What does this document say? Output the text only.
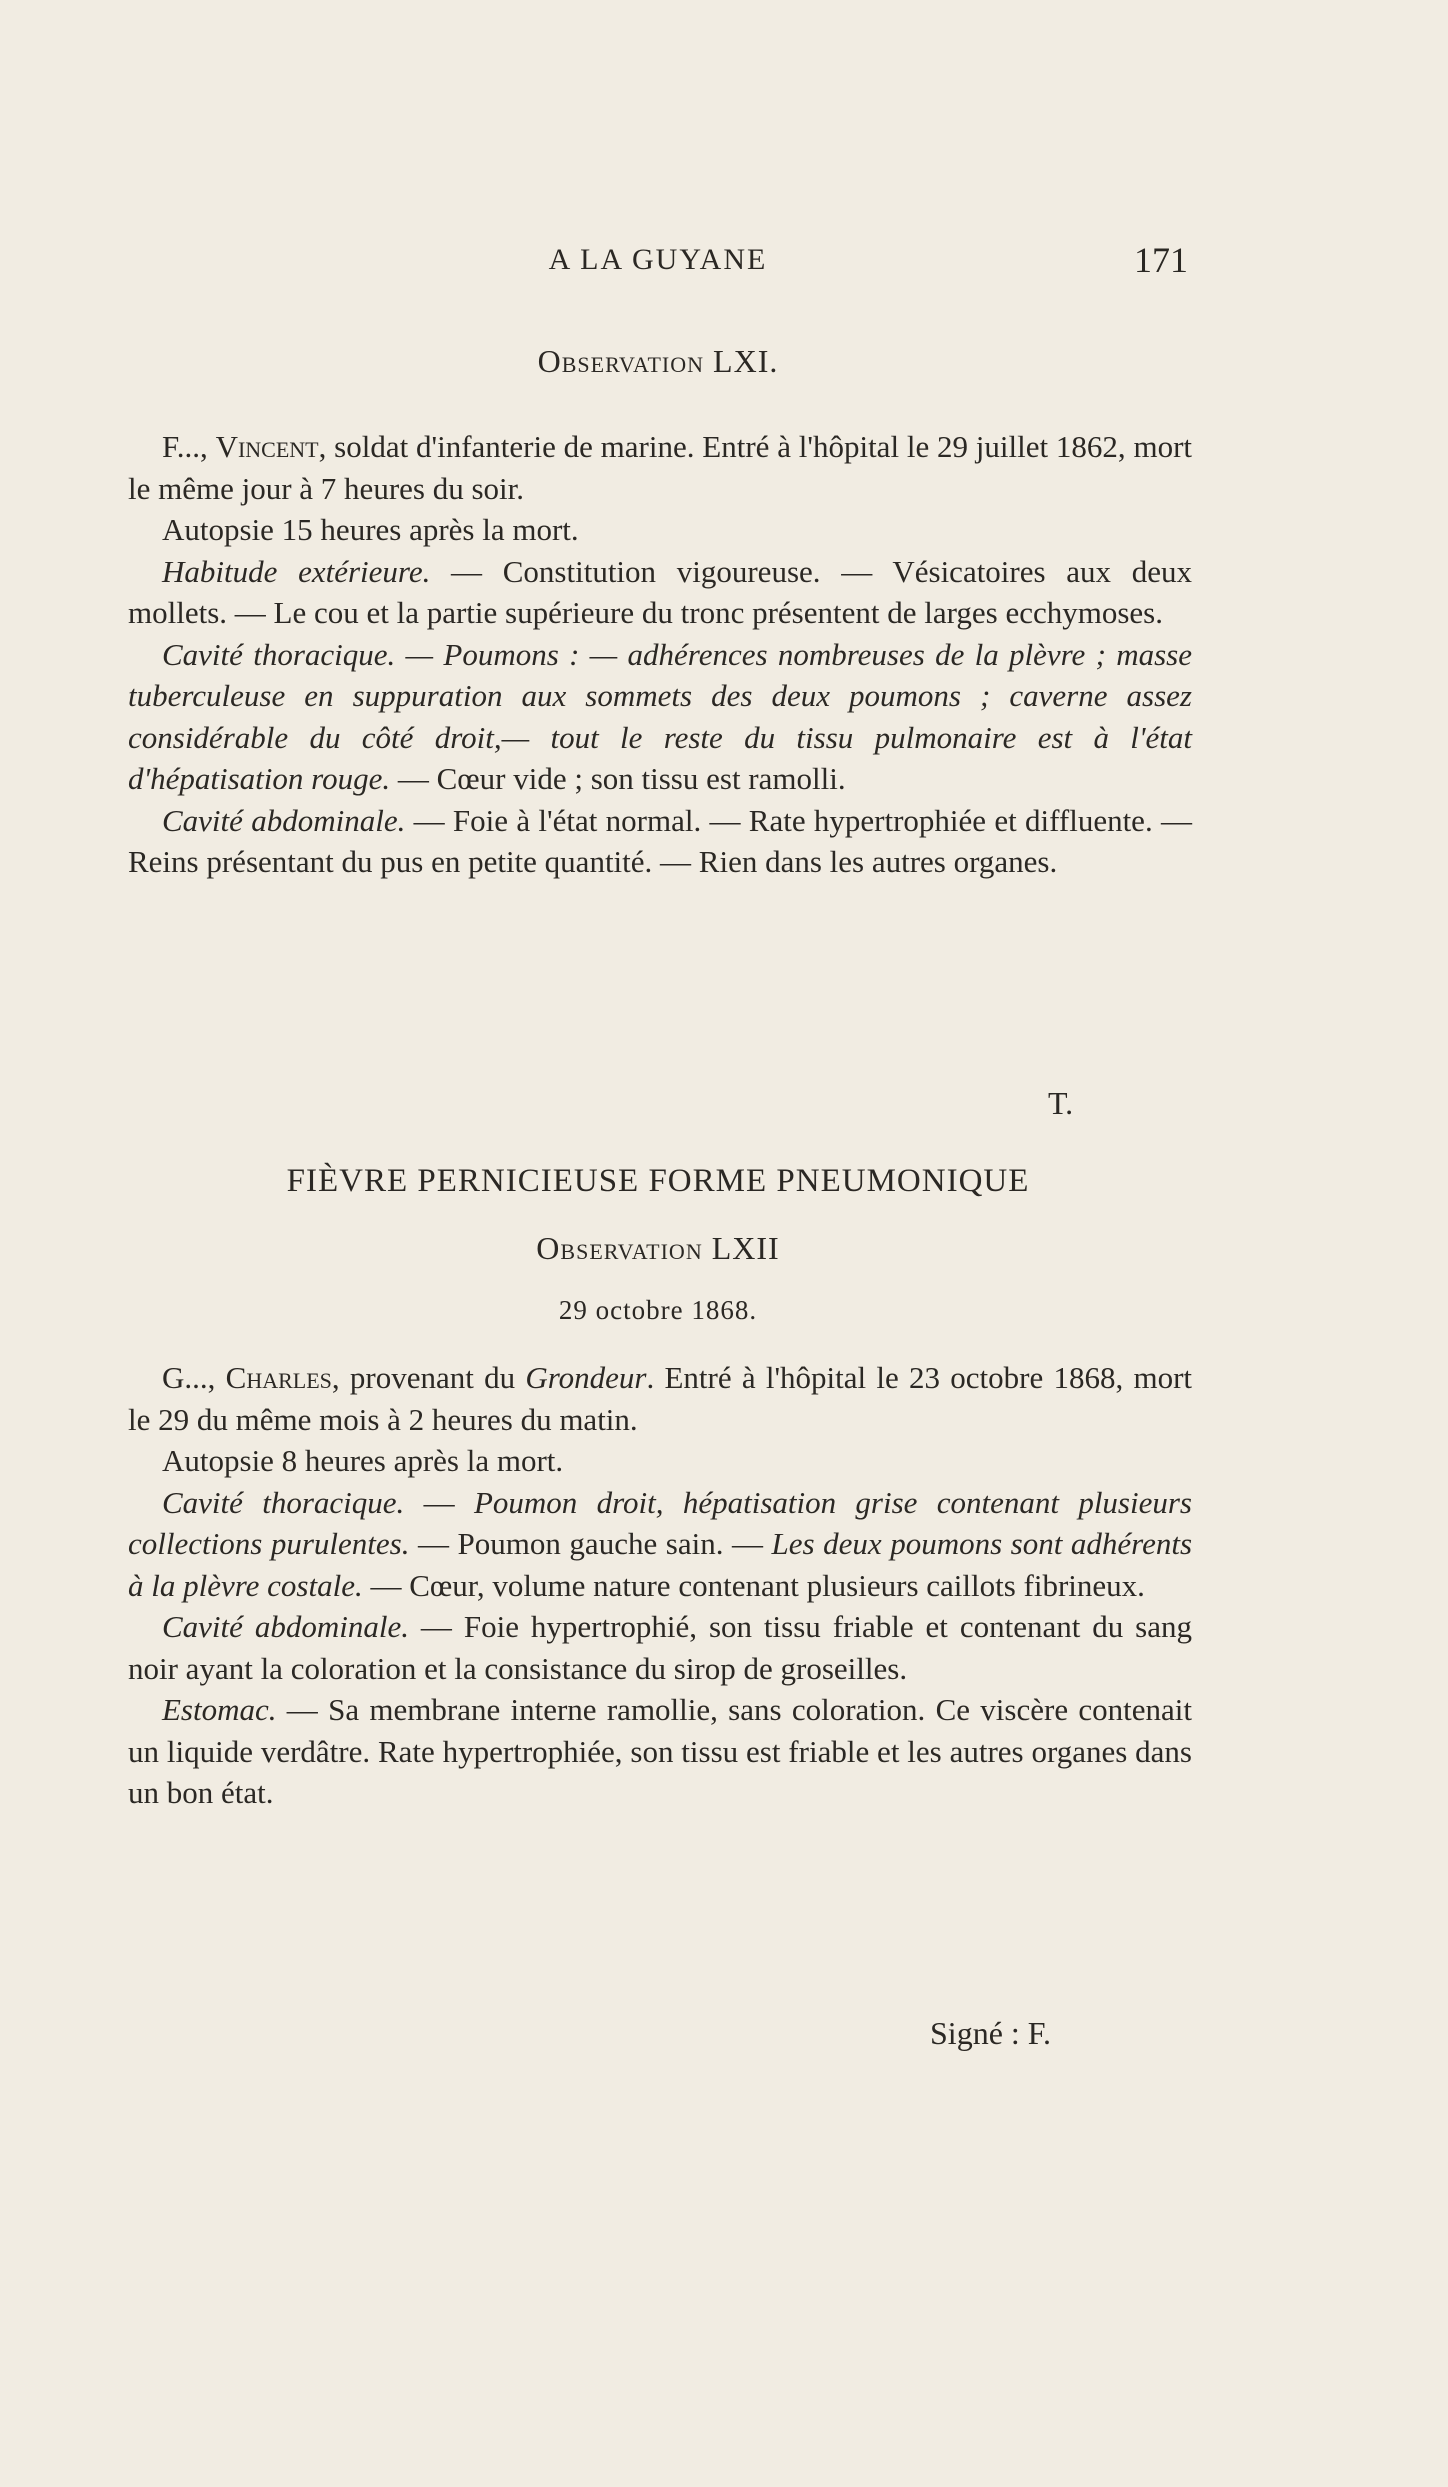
A LA GUYANE	171
Observation LXI.

F..., Vincent, soldat d'infanterie de marine. Entré à l'hôpital le 29 juillet 1862, mort le même jour à 7 heures du soir.

Autopsie 15 heures après la mort.

Habitude extérieure. — Constitution vigoureuse. — Vésicatoires aux deux mollets. — Le cou et la partie supérieure du tronc présentent de larges ecchymoses.

Cavité thoracique. — Poumons : — adhérences nombreuses de la plèvre ; masse tuberculeuse en suppuration aux sommets des deux poumons ; caverne assez considérable du côté droit,— tout le reste du tissu pulmonaire est à l'état d'hépatisation rouge. — Cœur vide ; son tissu est ramolli.

Cavité abdominale. — Foie à l'état normal. — Rate hypertrophiée et diffluente. — Reins présentant du pus en petite quantité. — Rien dans les autres organes.

T.
FIÈVRE PERNICIEUSE FORME PNEUMONIQUE
Observation LXII
29 octobre 1868.

G..., Charles, provenant du Grondeur. Entré à l'hôpital le 23 octobre 1868, mort le 29 du même mois à 2 heures du matin.

Autopsie 8 heures après la mort.

Cavité thoracique. — Poumon droit, hépatisation grise contenant plusieurs collections purulentes. — Poumon gauche sain. — Les deux poumons sont adhérents à la plèvre costale. — Cœur, volume nature contenant plusieurs caillots fibrineux.

Cavité abdominale. — Foie hypertrophié, son tissu friable et contenant du sang noir ayant la coloration et la consistance du sirop de groseilles.

Estomac. — Sa membrane interne ramollie, sans coloration. Ce viscère contenait un liquide verdâtre. Rate hypertrophiée, son tissu est friable et les autres organes dans un bon état.

Signé : F.
